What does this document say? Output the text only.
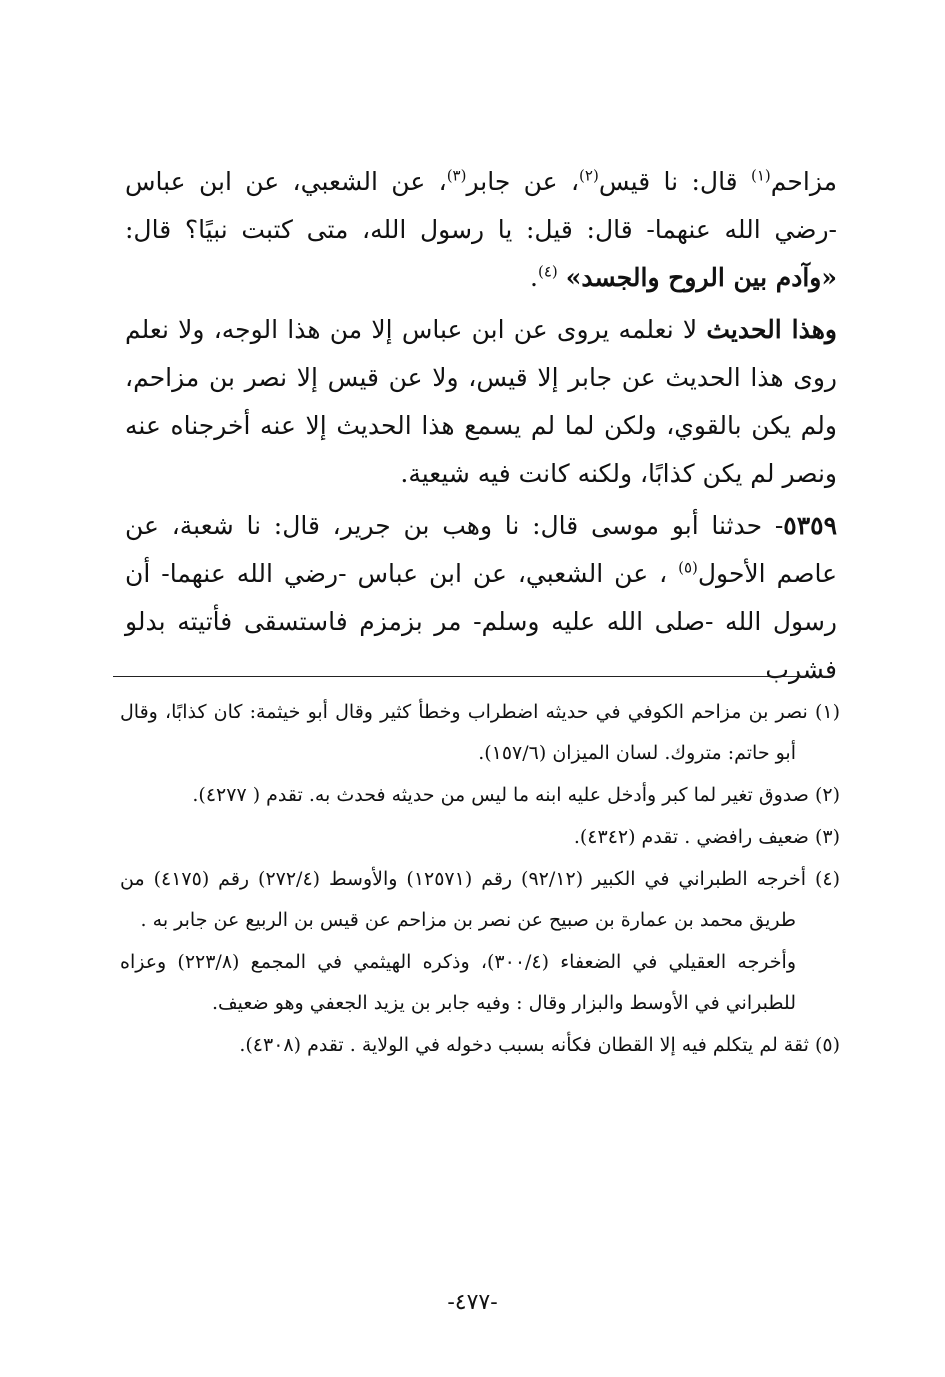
مزاحم$^{(١)}$ قال: نا قيس$^{(٢)}$، عن جابر$^{(٣)}$، عن الشعبي، عن ابن عباس -رضي الله عنهما- قال: قيل: يا رسول الله، متى كتبت نبيًا؟ قال: «وآدم بين الروح والجسد» $^{(٤)}$.

وهذا الحديث لا نعلمه يروى عن ابن عباس إلا من هذا الوجه، ولا نعلم روى هذا الحديث عن جابر إلا قيس، ولا عن قيس إلا نصر بن مزاحم، ولم يكن بالقوي، ولكن لما لم يسمع هذا الحديث إلا عنه أخرجناه عنه ونصر لم يكن كذابًا، ولكنه كانت فيه شيعية.

٥٣٥٩- حدثنا أبو موسى قال: نا وهب بن جرير، قال: نا شعبة، عن عاصم الأحول$^{(٥)}$ ، عن الشعبي، عن ابن عباس -رضي الله عنهما- أن رسول الله -صلى الله عليه وسلم- مر بزمزم فاستسقى فأتيته بدلو فشرب

(١) نصر بن مزاحم الكوفي في حديثه اضطراب وخطأ كثير وقال أبو خيثمة: كان كذابًا، وقال أبو حاتم: متروك. لسان الميزان (١٥٧/٦).

(٢) صدوق تغير لما كبر وأدخل عليه ابنه ما ليس من حديثه فحدث به. تقدم ( ٤٢٧٧).

(٣) ضعيف رافضي . تقدم (٤٣٤٢).

(٤) أخرجه الطبراني في الكبير (٩٢/١٢) رقم (١٢٥٧١) والأوسط (٢٧٢/٤) رقم (٤١٧٥) من طريق محمد بن عمارة بن صبيح عن نصر بن مزاحم عن قيس بن الربيع عن جابر به .

وأخرجه العقيلي في الضعفاء (٣٠٠/٤)، وذكره الهيثمي في المجمع (٢٢٣/٨) وعزاه للطبراني في الأوسط والبزار وقال : وفيه جابر بن يزيد الجعفي وهو ضعيف.

(٥) ثقة لم يتكلم فيه إلا القطان فكأنه بسبب دخوله في الولاية . تقدم (٤٣٠٨).

-٤٧٧-
